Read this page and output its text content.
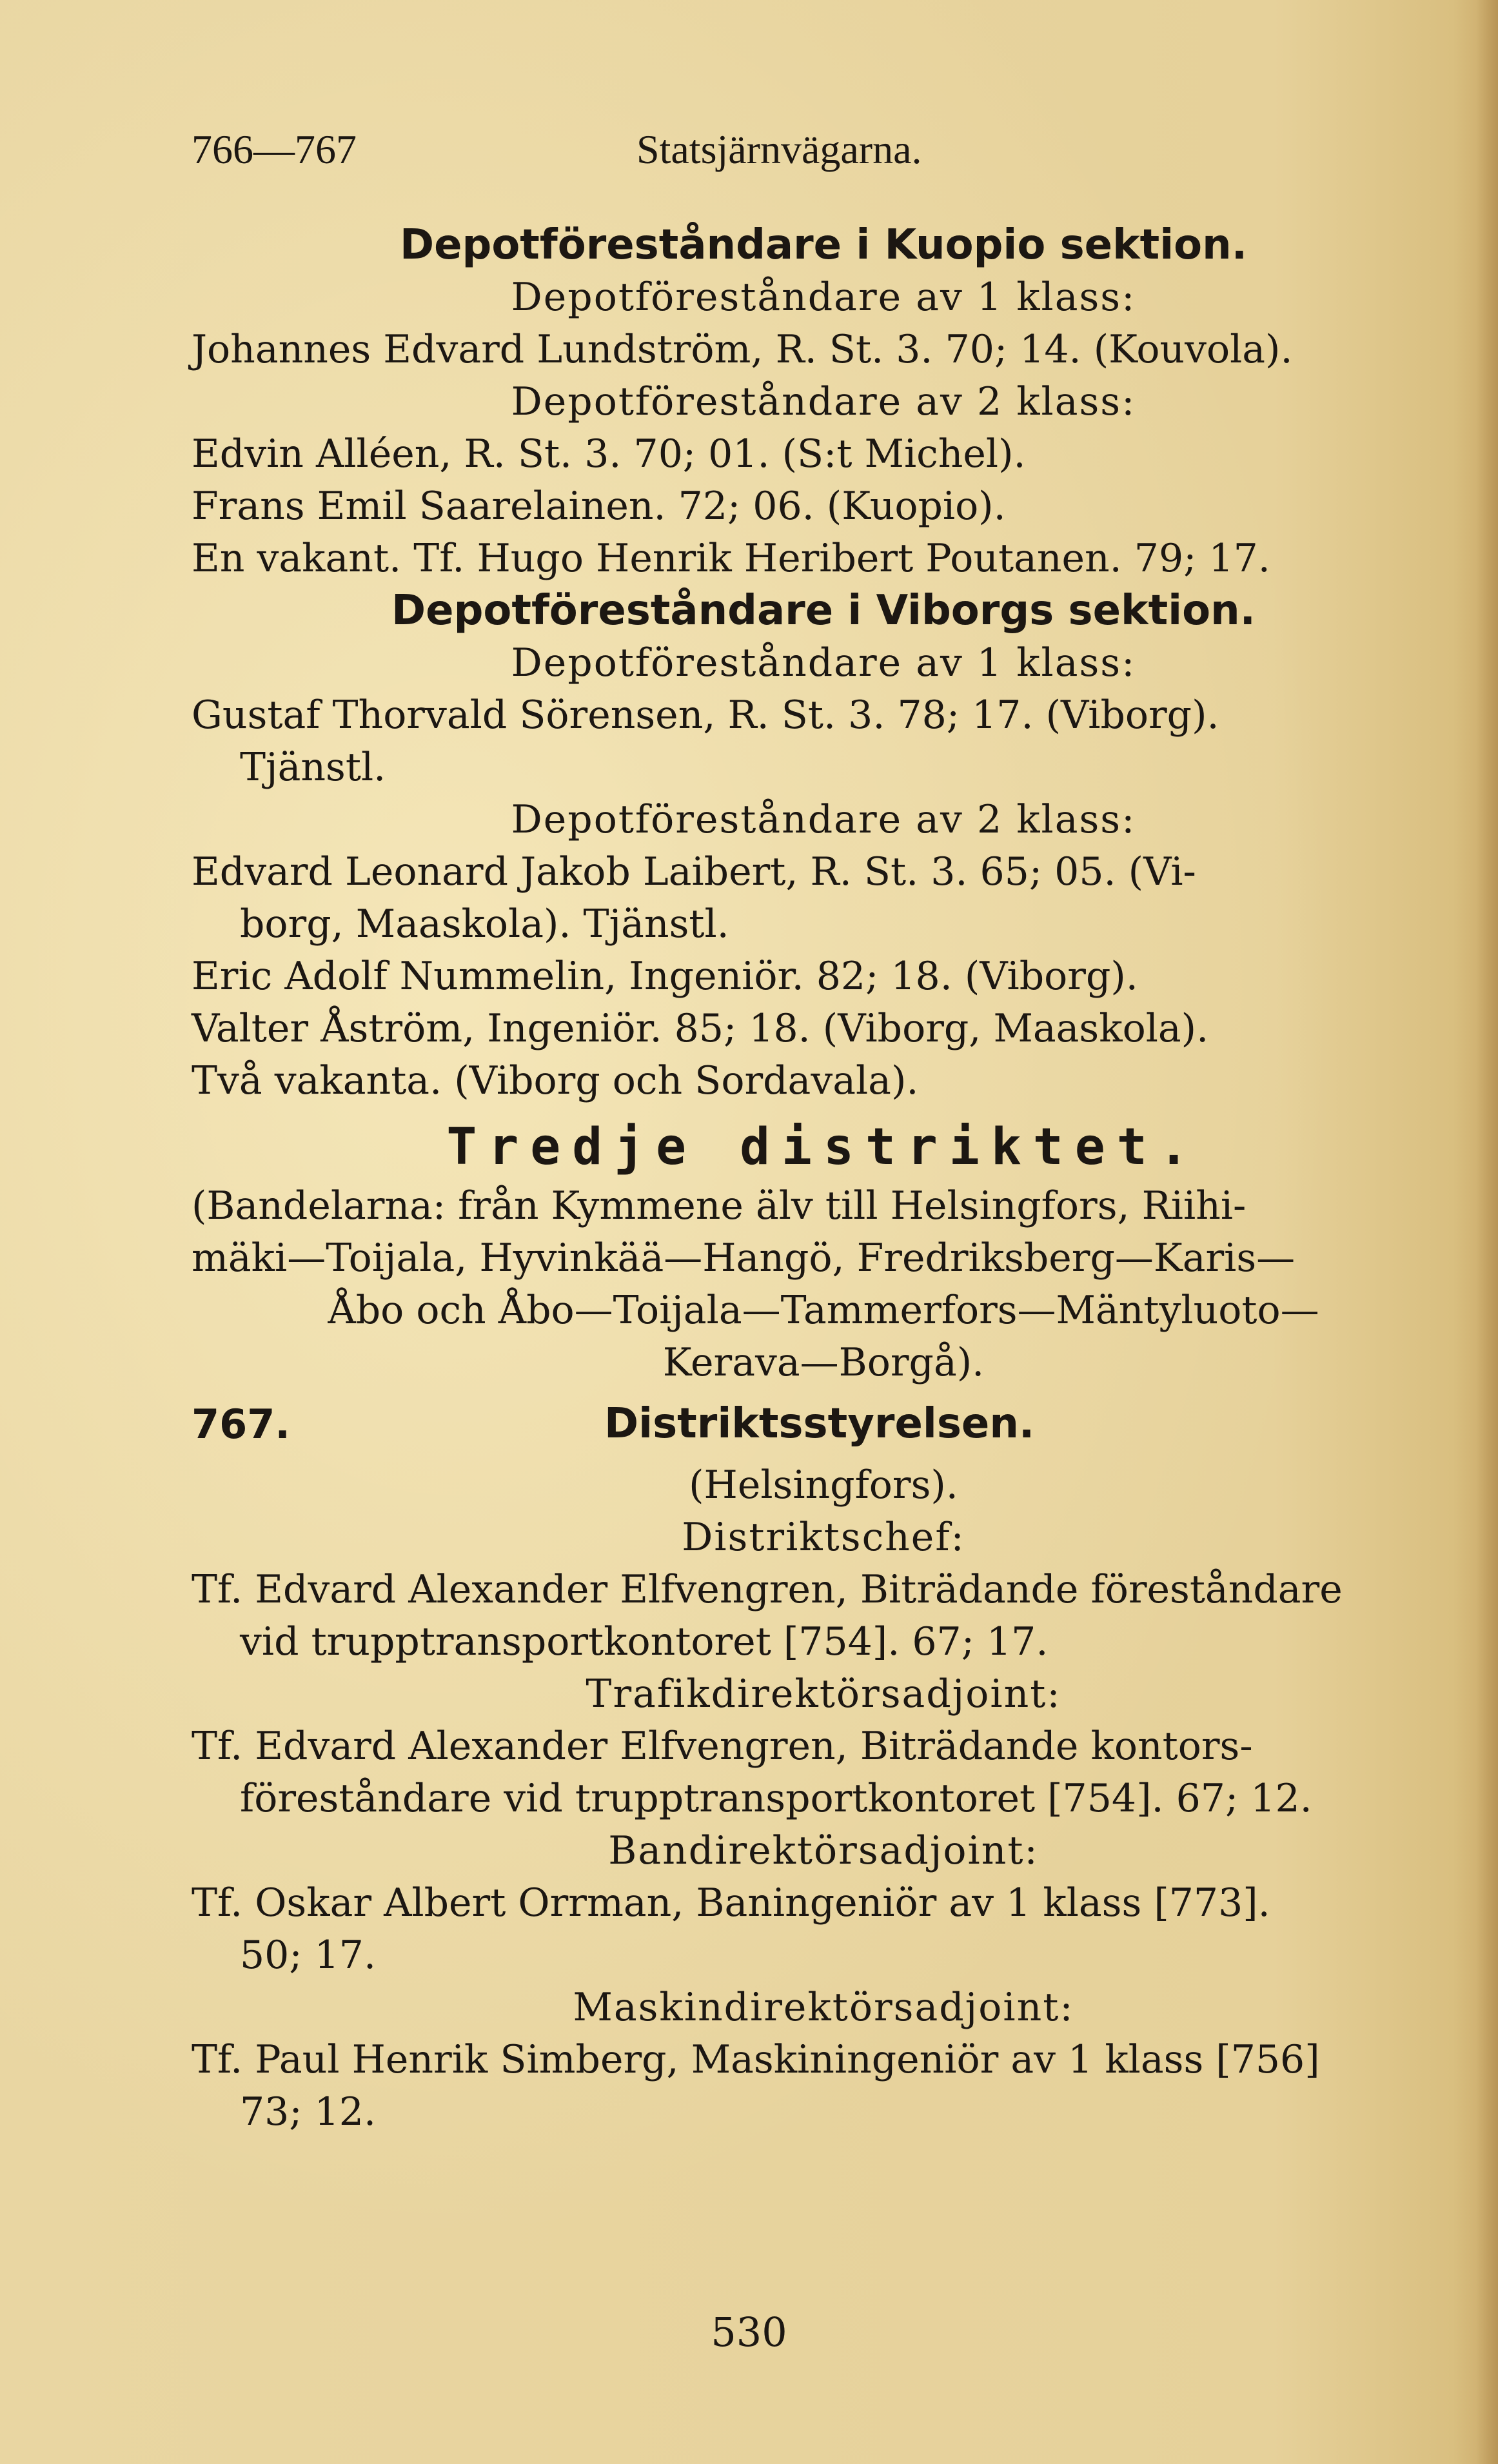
766—767	Statsjärnvägarna.
Depotföreståndare i Kuopio sektion.
Depotföreståndare av 1 klass:
Johannes Edvard Lundström, R. St. 3. 70; 14. (Kouvola).
Depotföreståndare av 2 klass:
Edvin Alléen, R. St. 3. 70; 01. (S:t Michel).
Frans Emil Saarelainen. 72; 06. (Kuopio).
En vakant. Tf. Hugo Henrik Heribert Poutanen. 79; 17.
Depotföreståndare i Viborgs sektion.
Depotföreståndare av 1 klass:
Gustaf Thorvald Sörensen, R. St. 3. 78; 17. (Viborg).
Tjänstl.
Depotföreståndare av 2 klass:
Edvard Leonard Jakob Laibert, R. St. 3. 65; 05. (Vi-
borg, Maaskola). Tjänstl.
Eric Adolf Nummelin, Ingeniör. 82; 18. (Viborg).
Valter Åström, Ingeniör. 85; 18. (Viborg, Maaskola).
Två vakanta. (Viborg och Sordavala).
Tredje distriktet.
(Bandelarna: från Kymmene älv till Helsingfors, Riihi-
mäki—Toijala, Hyvinkää—Hangö, Fredriksberg—Karis—
Åbo och Åbo—Toijala—Tammerfors—Mäntyluoto—
Kerava—Borgå).
767.	Distriktsstyrelsen.
(Helsingfors).
Distriktschef:
Tf. Edvard Alexander Elfvengren, Biträdande föreståndare
vid trupptransportkontoret [754]. 67; 17.
Trafikdirektörsadjoint:
Tf. Edvard Alexander Elfvengren, Biträdande kontors-
föreståndare vid trupptransportkontoret [754]. 67; 12.
Bandirektörsadjoint:
Tf. Oskar Albert Orrman, Baningeniör av 1 klass [773].
50; 17.
Maskindirektörsadjoint:
Tf. Paul Henrik Simberg, Maskiningeniör av 1 klass [756]
73; 12.
530
